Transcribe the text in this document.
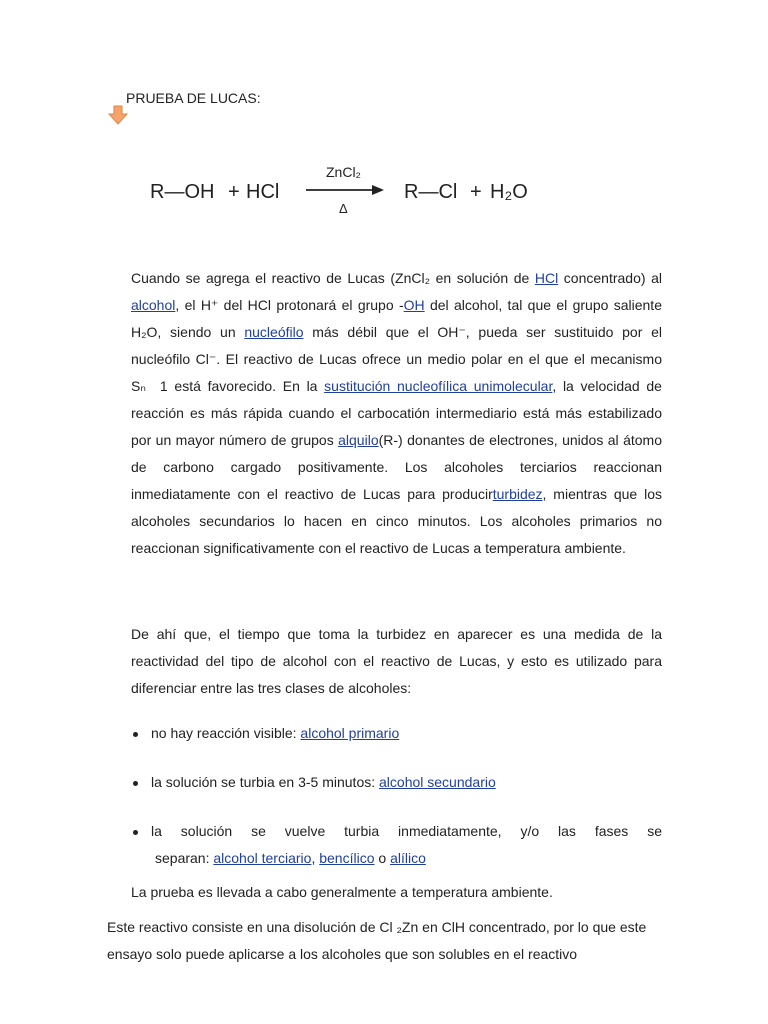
PRUEBA DE LUCAS:
R—OH + HCl
ZnCl₂
Δ
R—Cl + H₂O

Cuando se agrega el reactivo de Lucas (ZnCl₂ en solución de HCl concentrado) al alcohol, el H⁺ del HCl protonará el grupo -OH del alcohol, tal que el grupo saliente H₂O, siendo un nucleófilo más débil que el OH⁻, pueda ser sustituido por el nucleófilo Cl⁻. El reactivo de Lucas ofrece un medio polar en el que el mecanismo Sₙ 1 está favorecido. En la sustitución nucleofílica unimolecular, la velocidad de reacción es más rápida cuando el carbocatión intermediario está más estabilizado por un mayor número de grupos alquilo(R-) donantes de electrones, unidos al átomo de carbono cargado positivamente. Los alcoholes terciarios reaccionan inmediatamente con el reactivo de Lucas para producirturbidez, mientras que los alcoholes secundarios lo hacen en cinco minutos. Los alcoholes primarios no reaccionan significativamente con el reactivo de Lucas a temperatura ambiente.

De ahí que, el tiempo que toma la turbidez en aparecer es una medida de la reactividad del tipo de alcohol con el reactivo de Lucas, y esto es utilizado para diferenciar entre las tres clases de alcoholes:

no hay reacción visible: alcohol primario
la solución se turbia en 3-5 minutos: alcohol secundario
la solución se vuelve turbia inmediatamente, y/o las fases se
separan: alcohol terciario, bencílico o alílico

La prueba es llevada a cabo generalmente a temperatura ambiente.

Este reactivo consiste en una disolución de Cl ₂Zn en ClH concentrado, por lo que este ensayo solo puede aplicarse a los alcoholes que son solubles en el reactivo
